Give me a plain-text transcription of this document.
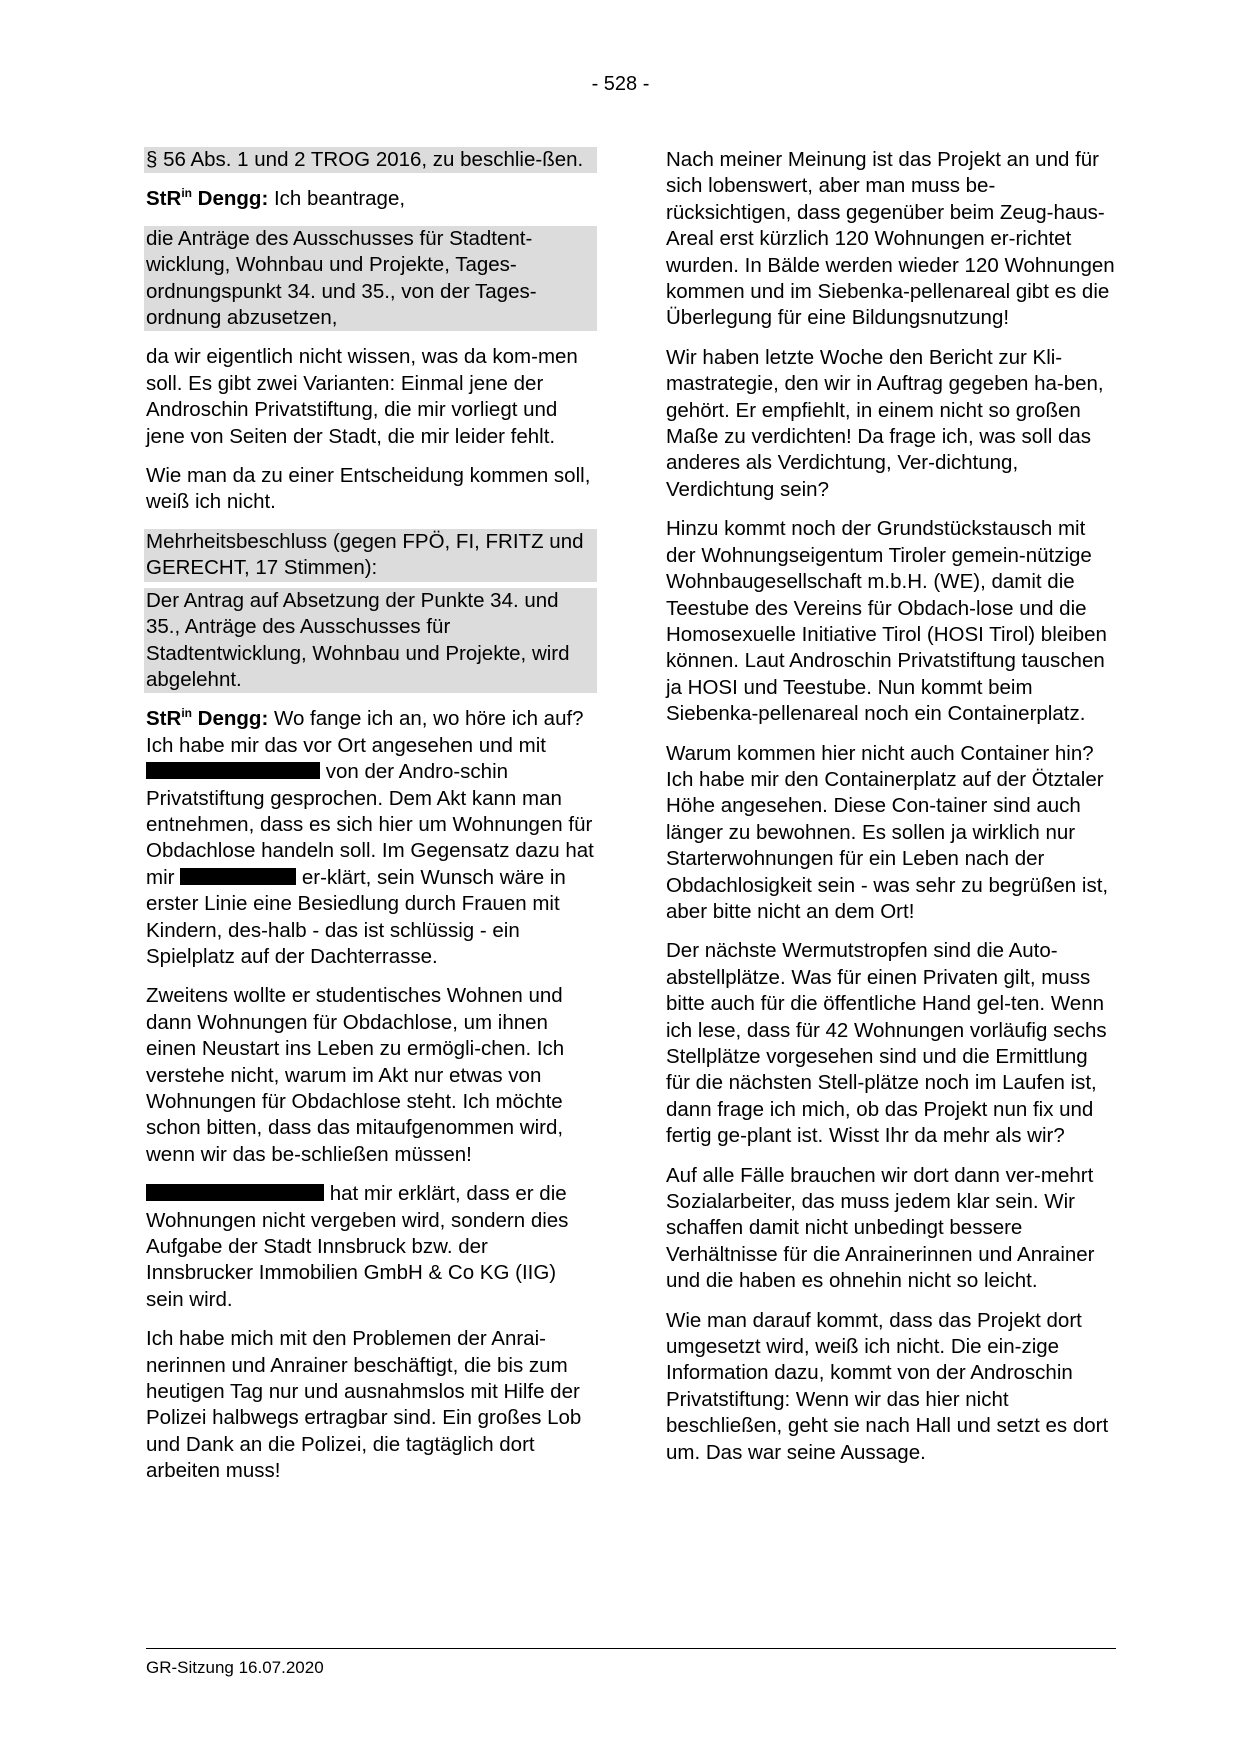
- 528 -

§ 56 Abs. 1 und 2 TROG 2016, zu beschlie-ßen.

StR$^{in}$ Dengg: Ich beantrage,

die Anträge des Ausschusses für Stadtent-wicklung, Wohnbau und Projekte, Tages-ordnungspunkt 34. und 35., von der Tages-ordnung abzusetzen,

da wir eigentlich nicht wissen, was da kom-men soll. Es gibt zwei Varianten: Einmal jene der Androschin Privatstiftung, die mir vorliegt und jene von Seiten der Stadt, die mir leider fehlt.

Wie man da zu einer Entscheidung kommen soll, weiß ich nicht.

Mehrheitsbeschluss (gegen FPÖ, FI, FRITZ und GERECHT, 17 Stimmen):

Der Antrag auf Absetzung der Punkte 34. und 35., Anträge des Ausschusses für Stadtentwicklung, Wohnbau und Projekte, wird abgelehnt.

StR$^{in}$ Dengg: Wo fange ich an, wo höre ich auf? Ich habe mir das vor Ort angesehen und mit  von der Andro-schin Privatstiftung gesprochen. Dem Akt kann man entnehmen, dass es sich hier um Wohnungen für Obdachlose handeln soll. Im Gegensatz dazu hat mir	er-klärt, sein Wunsch wäre in erster Linie eine Besiedlung durch Frauen mit Kindern, des-halb - das ist schlüssig - ein Spielplatz auf der Dachterrasse.

Zweitens wollte er studentisches Wohnen und dann Wohnungen für Obdachlose, um ihnen einen Neustart ins Leben zu ermögli-chen. Ich verstehe nicht, warum im Akt nur etwas von Wohnungen für Obdachlose steht. Ich möchte schon bitten, dass das mitaufgenommen wird, wenn wir das be-schließen müssen!

hat mir erklärt, dass er die Wohnungen nicht vergeben wird, sondern dies Aufgabe der Stadt Innsbruck bzw. der Innsbrucker Immobilien GmbH & Co KG (IIG) sein wird.

Ich habe mich mit den Problemen der Anrai-nerinnen und Anrainer beschäftigt, die bis zum heutigen Tag nur und ausnahmslos mit Hilfe der Polizei halbwegs ertragbar sind. Ein großes Lob und Dank an die Polizei, die tagtäglich dort arbeiten muss!

Nach meiner Meinung ist das Projekt an und für sich lobenswert, aber man muss be-rücksichtigen, dass gegenüber beim Zeug-haus-Areal erst kürzlich 120 Wohnungen er-richtet wurden. In Bälde werden wieder 120 Wohnungen kommen und im Siebenka-pellenareal gibt es die Überlegung für eine Bildungsnutzung!

Wir haben letzte Woche den Bericht zur Kli-mastrategie, den wir in Auftrag gegeben ha-ben, gehört. Er empfiehlt, in einem nicht so großen Maße zu verdichten! Da frage ich, was soll das anderes als Verdichtung, Ver-dichtung, Verdichtung sein?

Hinzu kommt noch der Grundstückstausch mit der Wohnungseigentum Tiroler gemein-nützige Wohnbaugesellschaft m.b.H. (WE), damit die Teestube des Vereins für Obdach-lose und die Homosexuelle Initiative Tirol (HOSI Tirol) bleiben können. Laut Androschin Privatstiftung tauschen ja HOSI und Teestube. Nun kommt beim Siebenka-pellenareal noch ein Containerplatz.

Warum kommen hier nicht auch Container hin? Ich habe mir den Containerplatz auf der Ötztaler Höhe angesehen. Diese Con-tainer sind auch länger zu bewohnen. Es sollen ja wirklich nur Starterwohnungen für ein Leben nach der Obdachlosigkeit sein - was sehr zu begrüßen ist, aber bitte nicht an dem Ort!

Der nächste Wermutstropfen sind die Auto-abstellplätze. Was für einen Privaten gilt, muss bitte auch für die öffentliche Hand gel-ten. Wenn ich lese, dass für 42 Wohnungen vorläufig sechs Stellplätze vorgesehen sind und die Ermittlung für die nächsten Stell-plätze noch im Laufen ist, dann frage ich mich, ob das Projekt nun fix und fertig ge-plant ist. Wisst Ihr da mehr als wir?

Auf alle Fälle brauchen wir dort dann ver-mehrt Sozialarbeiter, das muss jedem klar sein. Wir schaffen damit nicht unbedingt bessere Verhältnisse für die Anrainerinnen und Anrainer und die haben es ohnehin nicht so leicht.

Wie man darauf kommt, dass das Projekt dort umgesetzt wird, weiß ich nicht. Die ein-zige Information dazu, kommt von der Androschin Privatstiftung: Wenn wir das hier nicht beschließen, geht sie nach Hall und setzt es dort um. Das war seine Aussage.

GR-Sitzung 16.07.2020
